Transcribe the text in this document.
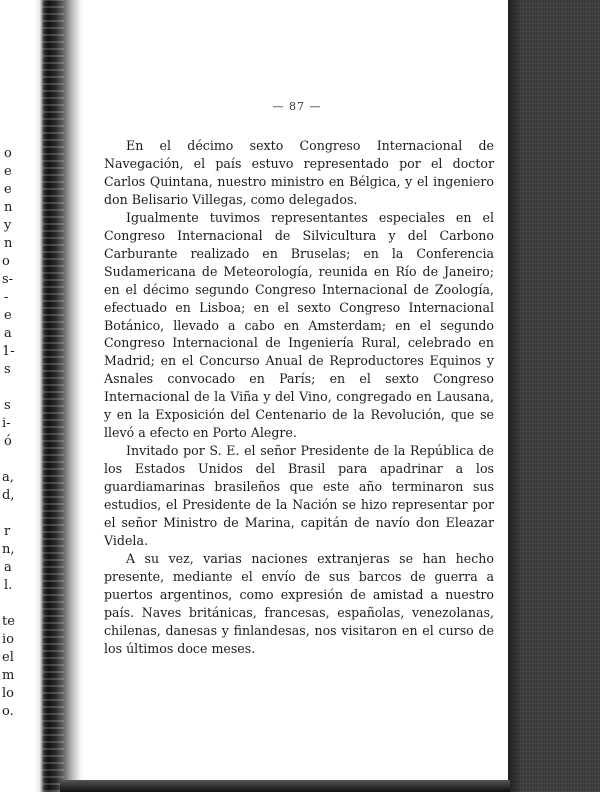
o
e
e
n
y
n
o
s-
-
e
a
1-
s
s
i-
ó
a,
d,
r
n,
a
l.
te
io
el
m
lo
o.
— 87 —

En el décimo sexto Congreso Internacional de Navegación, el país estuvo representado por el doctor Carlos Quintana, nuestro ministro en Bélgica, y el ingeniero don Belisario Villegas, como delegados.

Igualmente tuvimos representantes especiales en el Congreso Internacional de Silvicultura y del Carbono Carburante realizado en Bruselas; en la Conferencia Sudamericana de Meteorología, reunida en Río de Janeiro; en el décimo segundo Congreso Internacional de Zoología, efectuado en Lisboa; en el sexto Congreso Internacional Botánico, llevado a cabo en Amsterdam; en el segundo Congreso Internacional de Ingeniería Rural, celebrado en Madrid; en el Concurso Anual de Reproductores Equinos y Asnales convocado en París; en el sexto Congreso Internacional de la Viña y del Vino, congregado en Lausana, y en la Exposición del Centenario de la Revolución, que se llevó a efecto en Porto Alegre.

Invitado por S. E. el señor Presidente de la República de los Estados Unidos del Brasil para apadrinar a los guardiamarinas brasileños que este año terminaron sus estudios, el Presidente de la Nación se hizo representar por el señor Ministro de Marina, capitán de navío don Eleazar Videla.

A su vez, varias naciones extranjeras se han hecho presente, mediante el envío de sus barcos de guerra a puertos argentinos, como expresión de amistad a nuestro país. Naves británicas, francesas, españolas, venezolanas, chilenas, danesas y finlandesas, nos visitaron en el curso de los últimos doce meses.
